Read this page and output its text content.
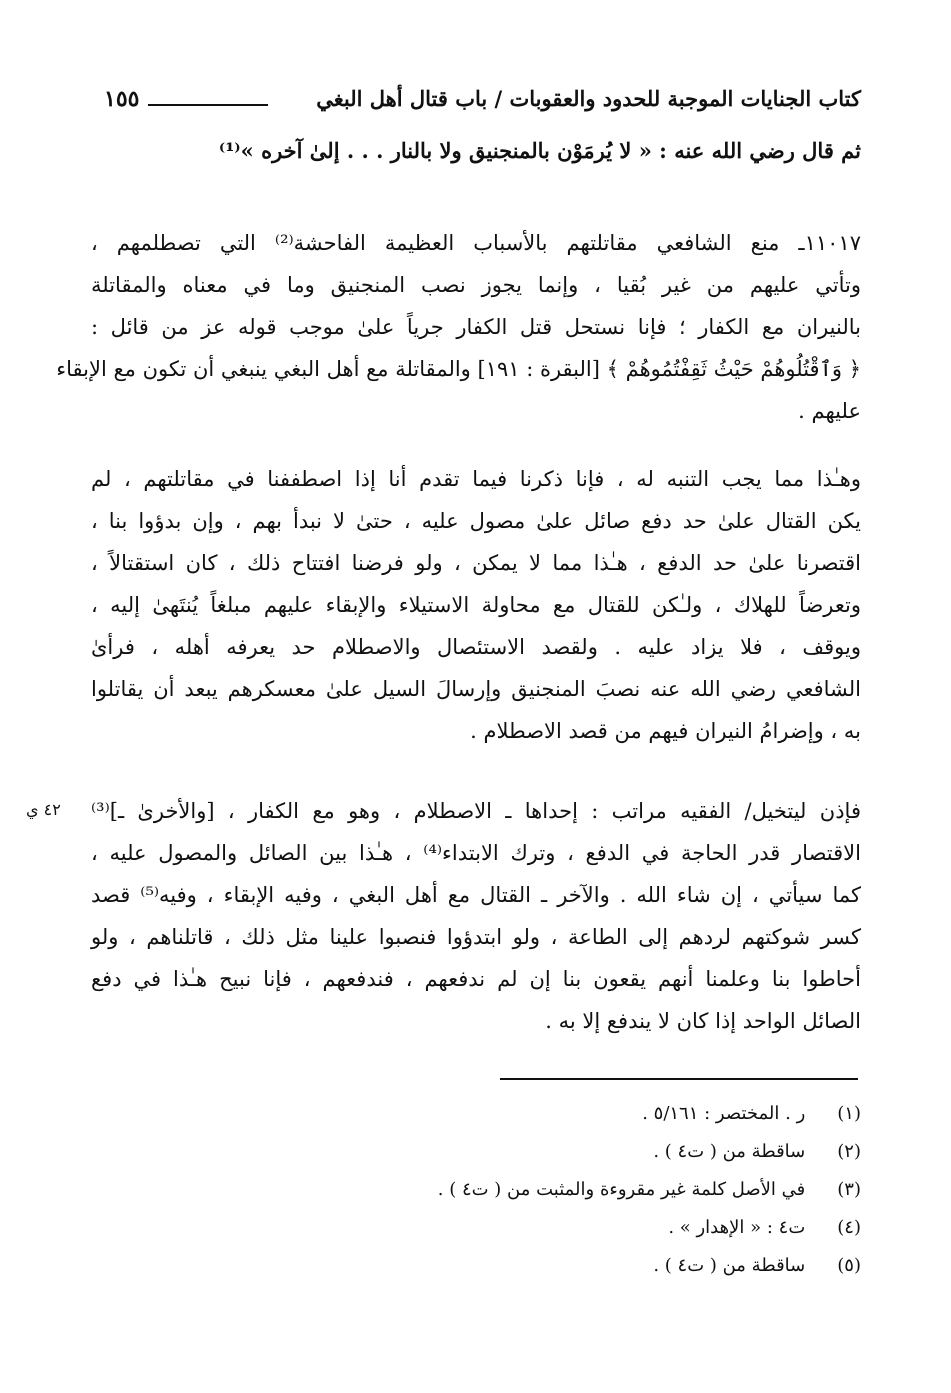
كتاب الجنايات الموجبة للحدود والعقوبات / باب قتال أهل البغي
١٥٥
ثم قال رضي الله عنه : « لا يُرمَوْن بالمنجنيق ولا بالنار . . . إلىٰ آخره »⁽¹⁾
١١٠١٧ـ منع الشافعي مقاتلتهم بالأسباب العظيمة الفاحشة⁽²⁾ التي تصطلمهم ،
وتأتي عليهم من غير بُقيا ، وإنما يجوز نصب المنجنيق وما في معناه والمقاتلة
بالنيران مع الكفار ؛ فإنا نستحل قتل الكفار جرياً علىٰ موجب قوله عز من قائل :
﴿ وَٱقْتُلُوهُمْ حَيْثُ ثَقِفْتُمُوهُمْ ﴾ [البقرة : ١٩١] والمقاتلة مع أهل البغي ينبغي أن تكون مع الإبقاء
عليهم .
وهـٰذا مما يجب التنبه له ، فإنا ذكرنا فيما تقدم أنا إذا اصطففنا في مقاتلتهم ، لم
يكن القتال علىٰ حد دفع صائل علىٰ مصول عليه ، حتىٰ لا نبدأ بهم ، وإن بدؤوا بنا ،
اقتصرنا علىٰ حد الدفع ، هـٰذا مما لا يمكن ، ولو فرضنا افتتاح ذلك ، كان استقتالاً ،
وتعرضاً للهلاك ، ولـٰكن للقتال مع محاولة الاستيلاء والإبقاء عليهم مبلغاً يُنتَهىٰ إليه ،
ويوقف ، فلا يزاد عليه . ولقصد الاستئصال والاصطلام حد يعرفه أهله ، فرأىٰ
الشافعي رضي الله عنه نصبَ المنجنيق وإرسالَ السيل علىٰ معسكرهم يبعد أن يقاتلوا
به ، وإضرامُ النيران فيهم من قصد الاصطلام .
٤٢ ي فإذن ليتخيل/ الفقيه مراتب : إحداها ـ الاصطلام ، وهو مع الكفار ، [والأخرىٰ ـ]⁽³⁾
الاقتصار قدر الحاجة في الدفع ، وترك الابتداء⁽⁴⁾ ، هـٰذا بين الصائل والمصول عليه ،
كما سيأتي ، إن شاء الله . والآخر ـ القتال مع أهل البغي ، وفيه الإبقاء ، وفيه⁽⁵⁾ قصد
كسر شوكتهم لردهم إلى الطاعة ، ولو ابتدؤوا فنصبوا علينا مثل ذلك ، قاتلناهم ، ولو
أحاطوا بنا وعلمنا أنهم يقعون بنا إن لم ندفعهم ، فندفعهم ، فإنا نبيح هـٰذا في دفع
الصائل الواحد إذا كان لا يندفع إلا به .
(١) ر . المختصر : ٥/١٦١ .
(٢) ساقطة من ( ت٤ ) .
(٣) في الأصل كلمة غير مقروءة والمثبت من ( ت٤ ) .
(٤) ت٤ : « الإهدار » .
(٥) ساقطة من ( ت٤ ) .
